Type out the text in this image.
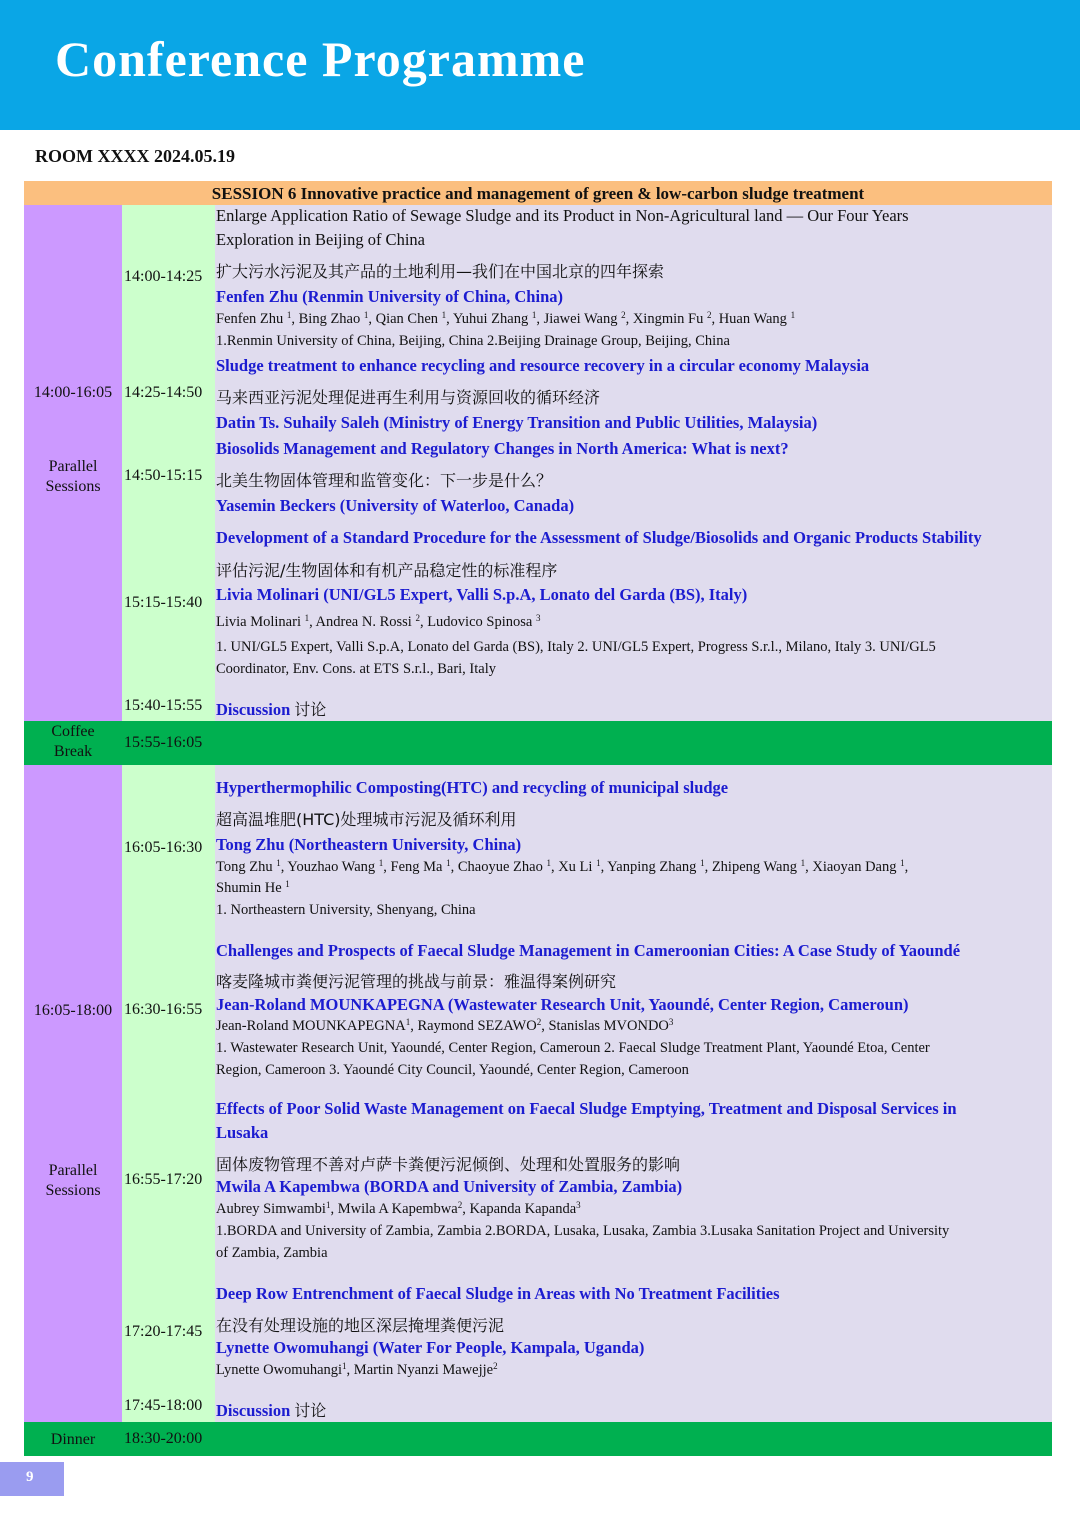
Conference Programme
ROOM XXXX 2024.05.19
SESSION 6 Innovative practice and management of green & low-carbon sludge treatment
14:00-16:05
Parallel
Sessions
14:00-14:25
Enlarge Application Ratio of Sewage Sludge and its Product in Non-Agricultural land — Our Four Years
Exploration in Beijing of China
扩大污水污泥及其产品的土地利用—我们在中国北京的四年探索
Fenfen Zhu (Renmin University of China, China)
Fenfen Zhu $^1$, Bing Zhao $^1$, Qian Chen $^1$, Yuhui Zhang $^1$, Jiawei Wang $^2$, Xingmin Fu $^2$, Huan Wang $^1$
1.Renmin University of China, Beijing, China 2.Beijing Drainage Group, Beijing, China
14:25-14:50
Sludge treatment to enhance recycling and resource recovery in a circular economy Malaysia
马来西亚污泥处理促进再生利用与资源回收的循环经济
Datin Ts. Suhaily Saleh (Ministry of Energy Transition and Public Utilities, Malaysia)
14:50-15:15
Biosolids Management and Regulatory Changes in North America: What is next?
北美生物固体管理和监管变化：下一步是什么？
Yasemin Beckers (University of Waterloo, Canada)
15:15-15:40
Development of a Standard Procedure for the Assessment of Sludge/Biosolids and Organic Products Stability
评估污泥/生物固体和有机产品稳定性的标准程序
Livia Molinari (UNI/GL5 Expert, Valli S.p.A, Lonato del Garda (BS), Italy)
Livia Molinari $^1$, Andrea N. Rossi $^2$, Ludovico Spinosa $^3$
1. UNI/GL5 Expert, Valli S.p.A, Lonato del Garda (BS), Italy 2. UNI/GL5 Expert, Progress S.r.l., Milano, Italy 3. UNI/GL5
Coordinator, Env. Cons. at ETS S.r.l., Bari, Italy
15:40-15:55 Discussion 讨论
Coffee
Break
15:55-16:05
16:05-18:00
Parallel
Sessions
16:05-16:30
Hyperthermophilic Composting(HTC) and recycling of municipal sludge
超高温堆肥(HTC)处理城市污泥及循环利用
Tong Zhu (Northeastern University, China)
Tong Zhu $^1$, Youzhao Wang $^1$, Feng Ma $^1$, Chaoyue Zhao $^1$, Xu Li $^1$, Yanping Zhang $^1$, Zhipeng Wang $^1$, Xiaoyan Dang $^1$,
Shumin He $^1$
1. Northeastern University, Shenyang, China
16:30-16:55
Challenges and Prospects of Faecal Sludge Management in Cameroonian Cities: A Case Study of Yaoundé
喀麦隆城市粪便污泥管理的挑战与前景：雅温得案例研究
Jean-Roland MOUNKAPEGNA (Wastewater Research Unit, Yaoundé, Center Region, Cameroun)
Jean-Roland MOUNKAPEGNA$^1$, Raymond SEZAWO$^2$, Stanislas MVONDO$^3$
1. Wastewater Research Unit, Yaoundé, Center Region, Cameroun 2. Faecal Sludge Treatment Plant, Yaoundé Etoa, Center
Region, Cameroon 3. Yaoundé City Council, Yaoundé, Center Region, Cameroon
16:55-17:20
Effects of Poor Solid Waste Management on Faecal Sludge Emptying, Treatment and Disposal Services in
Lusaka
固体废物管理不善对卢萨卡粪便污泥倾倒、处理和处置服务的影响
Mwila A Kapembwa (BORDA and University of Zambia, Zambia)
Aubrey Simwambi$^1$, Mwila A Kapembwa$^2$, Kapanda Kapanda$^3$
1.BORDA and University of Zambia, Zambia 2.BORDA, Lusaka, Lusaka, Zambia 3.Lusaka Sanitation Project and University
of Zambia, Zambia
17:20-17:45
Deep Row Entrenchment of Faecal Sludge in Areas with No Treatment Facilities
在没有处理设施的地区深层掩埋粪便污泥
Lynette Owomuhangi (Water For People, Kampala, Uganda)
Lynette Owomuhangi$^1$, Martin Nyanzi Mawejje$^2$
17:45-18:00 Discussion 讨论
Dinner	18:30-20:00
9
